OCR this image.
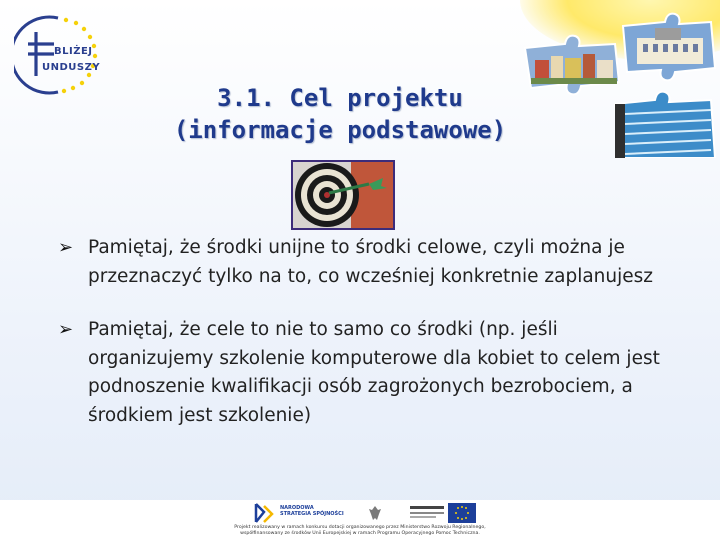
BLIŻEJ
UNDUSZY
3.1. Cel projektu
(informacje podstawowe)
➢ Pamiętaj, że środki unijne to środki celowe, czyli można je przeznaczyć tylko na to, co wcześniej konkretnie zaplanujesz
➢ Pamiętaj, że cele to nie to samo co środki (np. jeśli organizujemy szkolenie komputerowe dla kobiet to celem jest podnoszenie kwalifikacji osób zagrożonych bezrobociem, a środkiem jest szkolenie)
NARODOWA
STRATEGIA SPÓJNOŚCI
Projekt realizowany w ramach konkursu dotacji organizowanego przez Ministerstwo Rozwoju Regionalnego,
współfinansowany ze środków Unii Europejskiej w ramach Programu Operacyjnego Pomoc Techniczna.
